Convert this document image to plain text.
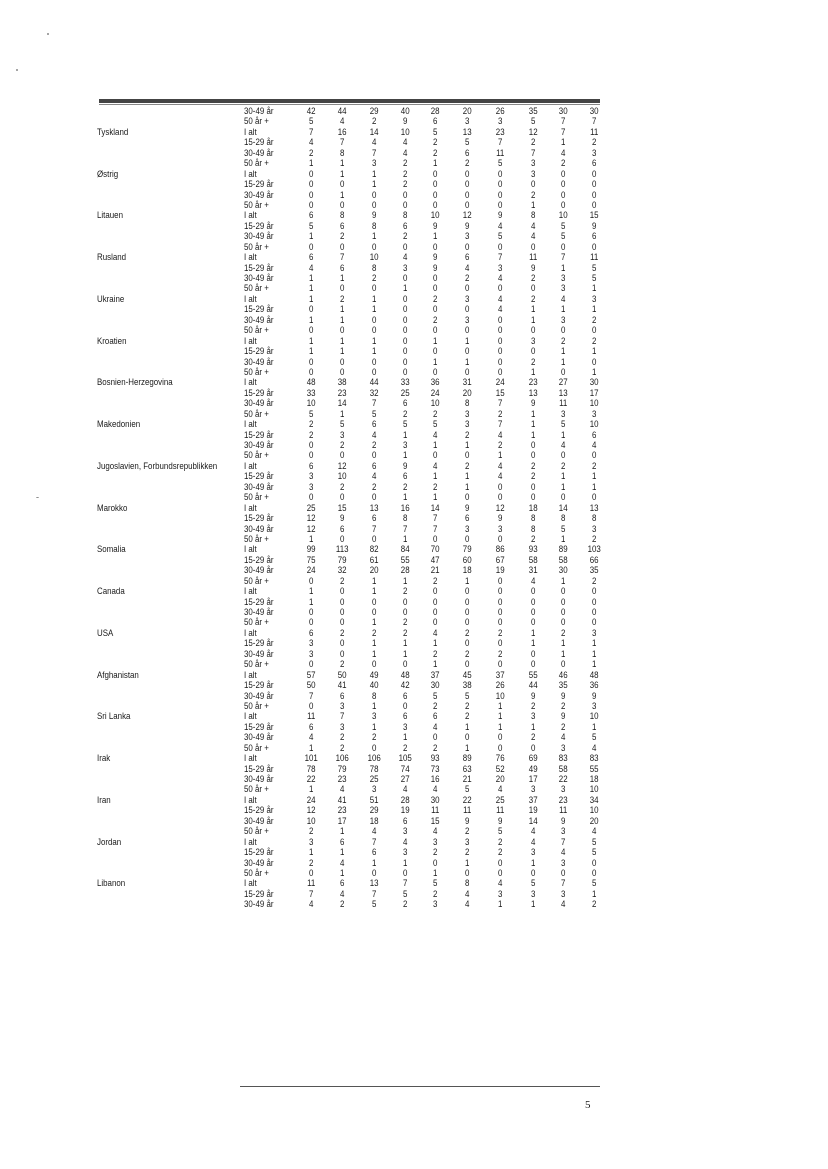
30-49 år	42	44	29	40	28	20	26	35	30	30
50 år +	5	4	2	9	6	3	3	5	7	7
Tyskland	I alt	7	16	14	10	5	13	23	12	7	11
15-29 år	4	7	4	4	2	5	7	2	1	2
30-49 år	2	8	7	4	2	6	11	7	4	3
50 år +	1	1	3	2	1	2	5	3	2	6
Østrig	I alt	0	1	1	2	0	0	0	3	0	0
15-29 år	0	0	1	2	0	0	0	0	0	0
30-49 år	0	1	0	0	0	0	0	2	0	0
50 år +	0	0	0	0	0	0	0	1	0	0
Litauen	I alt	6	8	9	8	10	12	9	8	10	15
15-29 år	5	6	8	6	9	9	4	4	5	9
30-49 år	1	2	1	2	1	3	5	4	5	6
50 år +	0	0	0	0	0	0	0	0	0	0
Rusland	I alt	6	7	10	4	9	6	7	11	7	11
15-29 år	4	6	8	3	9	4	3	9	1	5
30-49 år	1	1	2	0	0	2	4	2	3	5
50 år +	1	0	0	1	0	0	0	0	3	1
Ukraine	I alt	1	2	1	0	2	3	4	2	4	3
15-29 år	0	1	1	0	0	0	4	1	1	1
30-49 år	1	1	0	0	2	3	0	1	3	2
50 år +	0	0	0	0	0	0	0	0	0	0
Kroatien	I alt	1	1	1	0	1	1	0	3	2	2
15-29 år	1	1	1	0	0	0	0	0	1	1
30-49 år	0	0	0	0	1	1	0	2	1	0
50 år +	0	0	0	0	0	0	0	1	0	1
Bosnien-Herzegovina	I alt	48	38	44	33	36	31	24	23	27	30
15-29 år	33	23	32	25	24	20	15	13	13	17
30-49 år	10	14	7	6	10	8	7	9	11	10
50 år +	5	1	5	2	2	3	2	1	3	3
Makedonien	I alt	2	5	6	5	5	3	7	1	5	10
15-29 år	2	3	4	1	4	2	4	1	1	6
30-49 år	0	2	2	3	1	1	2	0	4	4
50 år +	0	0	0	1	0	0	1	0	0	0
Jugoslavien, Forbundsrepublikken	I alt	6	12	6	9	4	2	4	2	2	2
15-29 år	3	10	4	6	1	1	4	2	1	1
30-49 år	3	2	2	2	2	1	0	0	1	1
50 år +	0	0	0	1	1	0	0	0	0	0
Marokko	I alt	25	15	13	16	14	9	12	18	14	13
15-29 år	12	9	6	8	7	6	9	8	8	8
30-49 år	12	6	7	7	7	3	3	8	5	3
50 år +	1	0	0	1	0	0	0	2	1	2
Somalia	I alt	99	113	82	84	70	79	86	93	89	103
15-29 år	75	79	61	55	47	60	67	58	58	66
30-49 år	24	32	20	28	21	18	19	31	30	35
50 år +	0	2	1	1	2	1	0	4	1	2
Canada	I alt	1	0	1	2	0	0	0	0	0	0
15-29 år	1	0	0	0	0	0	0	0	0	0
30-49 år	0	0	0	0	0	0	0	0	0	0
50 år +	0	0	1	2	0	0	0	0	0	0
USA	I alt	6	2	2	2	4	2	2	1	2	3
15-29 år	3	0	1	1	1	0	0	1	1	1
30-49 år	3	0	1	1	2	2	2	0	1	1
50 år +	0	2	0	0	1	0	0	0	0	1
Afghanistan	I alt	57	50	49	48	37	45	37	55	46	48
15-29 år	50	41	40	42	30	38	26	44	35	36
30-49 år	7	6	8	6	5	5	10	9	9	9
50 år +	0	3	1	0	2	2	1	2	2	3
Sri Lanka	I alt	11	7	3	6	6	2	1	3	9	10
15-29 år	6	3	1	3	4	1	1	1	2	1
30-49 år	4	2	2	1	0	0	0	2	4	5
50 år +	1	2	0	2	2	1	0	0	3	4
Irak	I alt	101	106	106	105	93	89	76	69	83	83
15-29 år	78	79	78	74	73	63	52	49	58	55
30-49 år	22	23	25	27	16	21	20	17	22	18
50 år +	1	4	3	4	4	5	4	3	3	10
Iran	I alt	24	41	51	28	30	22	25	37	23	34
15-29 år	12	23	29	19	11	11	11	19	11	10
30-49 år	10	17	18	6	15	9	9	14	9	20
50 år +	2	1	4	3	4	2	5	4	3	4
Jordan	I alt	3	6	7	4	3	3	2	4	7	5
15-29 år	1	1	6	3	2	2	2	3	4	5
30-49 år	2	4	1	1	0	1	0	1	3	0
50 år +	0	1	0	0	1	0	0	0	0	0
Libanon	I alt	11	6	13	7	5	8	4	5	7	5
15-29 år	7	4	7	5	2	4	3	3	3	1
30-49 år	4	2	5	2	3	4	1	1	4	2
5
